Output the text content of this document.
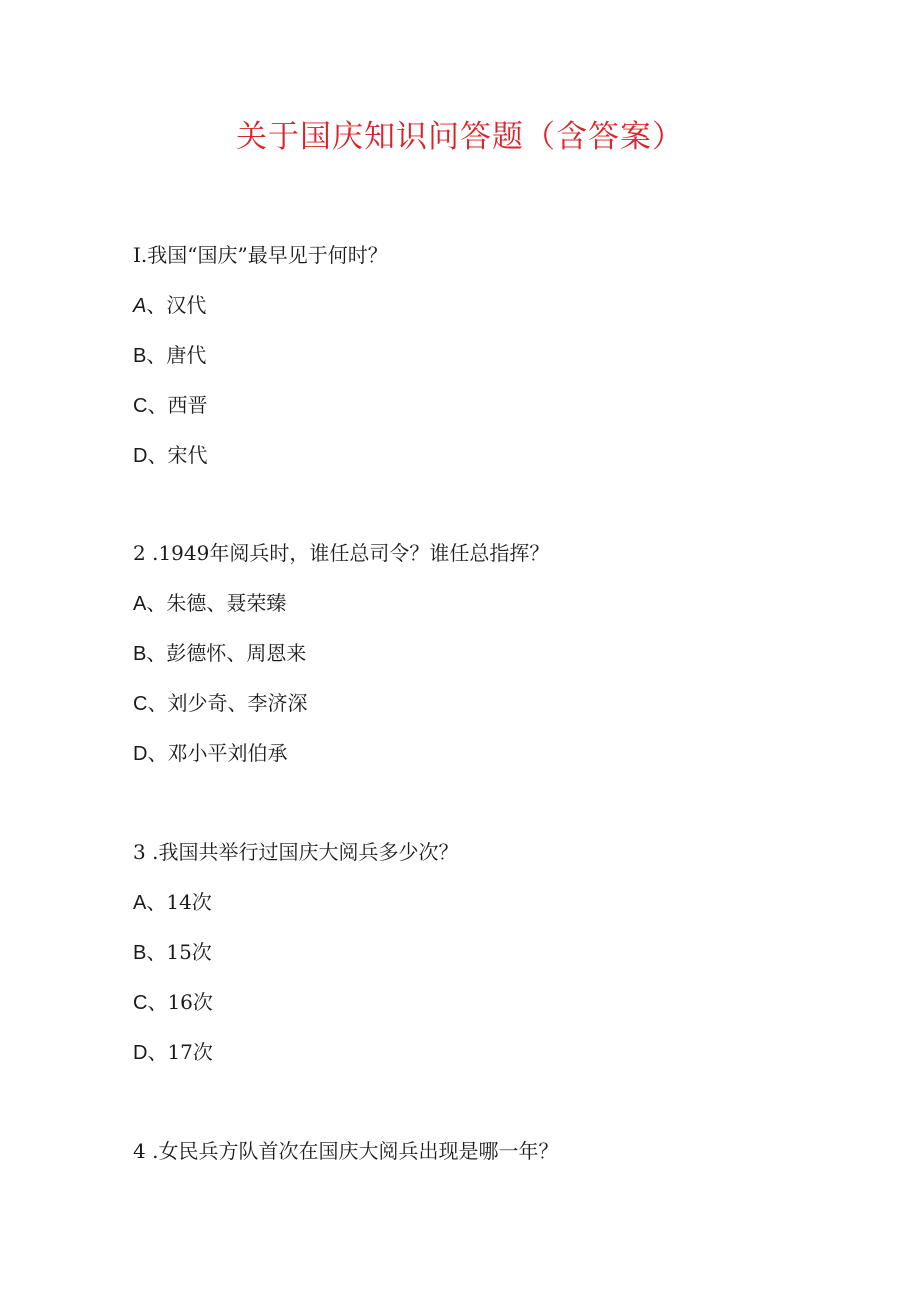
关于国庆知识问答题（含答案）
I.我国“国庆”最早见于何时？
A、汉代
B、唐代
C、西晋
D、宋代
2 .1949年阅兵时，谁任总司令？谁任总指挥？
A、朱德、聂荣臻
B、彭德怀、周恩来
C、刘少奇、李济深
D、邓小平刘伯承
3 .我国共举行过国庆大阅兵多少次？
A、14次
B、15次
C、16次
D、17次
4 .女民兵方队首次在国庆大阅兵出现是哪一年？
